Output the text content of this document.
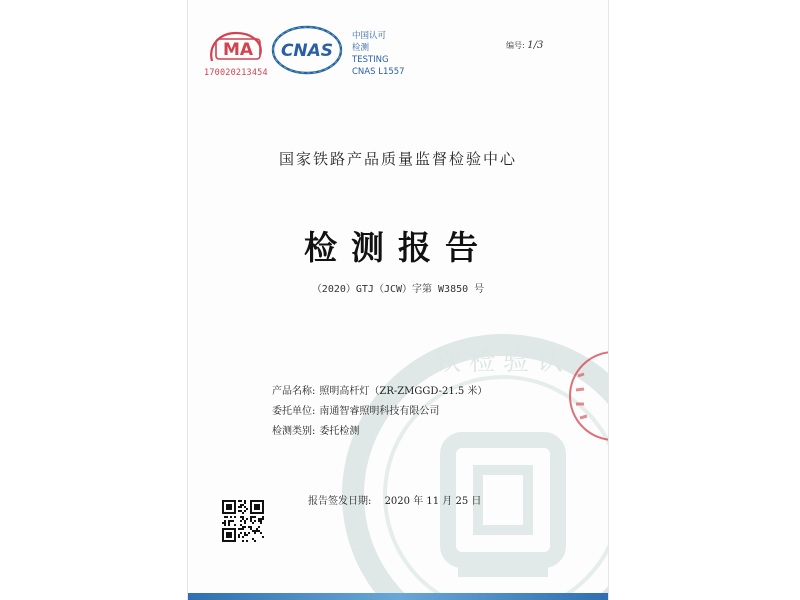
MA
170020213454
CNAS
中国认可
检测
TESTING
CNAS L1557
编号: 1/3
铁检验认
国家铁路产品质量监督检验中心
检测报告
（2020）GTJ（JCW）字第 W3850 号
产品名称: 照明高杆灯（ZR-ZMGGD-21.5 米）
委托单位: 南通智睿照明科技有限公司
检测类别: 委托检测
报告签发日期: 2020 年 11 月 25 日
